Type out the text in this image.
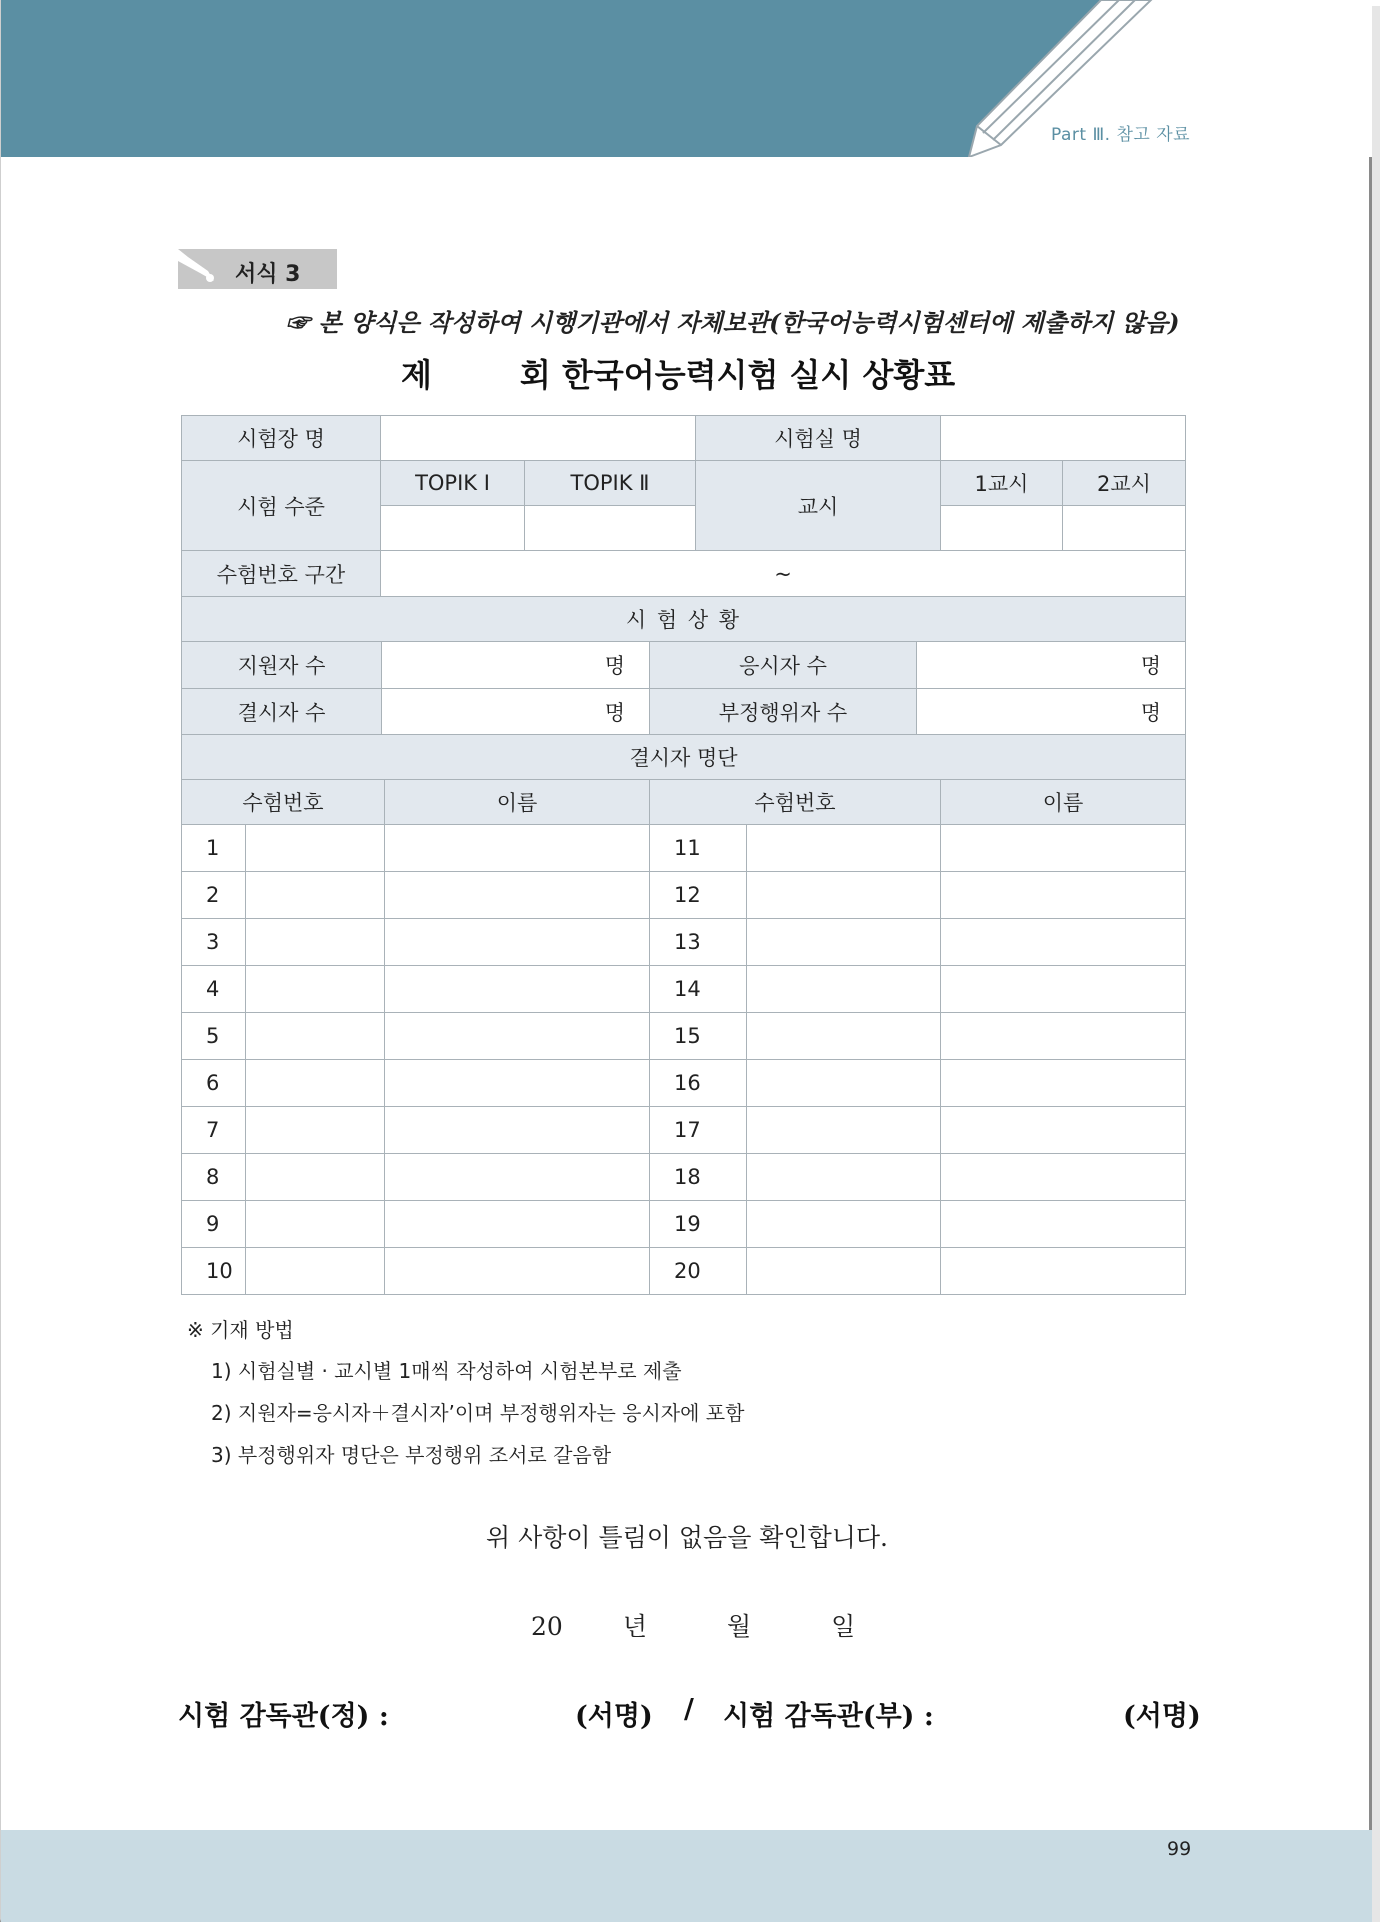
Part Ⅲ. 참고 자료
서식 3
☞ 본 양식은 작성하여 시행기관에서 자체보관(한국어능력시험센터에 제출하지 않음)
제	회 한국어능력시험 실시 상황표
시험장 명			시험실 명		
시험 수준	TOPIK Ⅰ	TOPIK Ⅱ	교시	1교시	2교시

수험번호 구간	~				
시 험 상 황					
지원자 수	명	응시자 수	명
결시자 수	명	부정행위자 수	명
결시자 명단			
수험번호		이름	수험번호		이름
1			11		
2			12		
3			13		
4			14		
5			15		
6			16		
7			17		
8			18		
9			19		
10			20		
※ 기재 방법
1) 시험실별 · 교시별 1매씩 작성하여 시험본부로 제출
2) 지원자=응시자＋결시자’이며 부정행위자는 응시자에 포함
3) 부정행위자 명단은 부정행위 조서로 갈음함
위 사항이 틀림이 없음을 확인합니다.
20 년	월	일
시험 감독관(정) :	(서명) / 시험 감독관(부) :	(서명)
99
